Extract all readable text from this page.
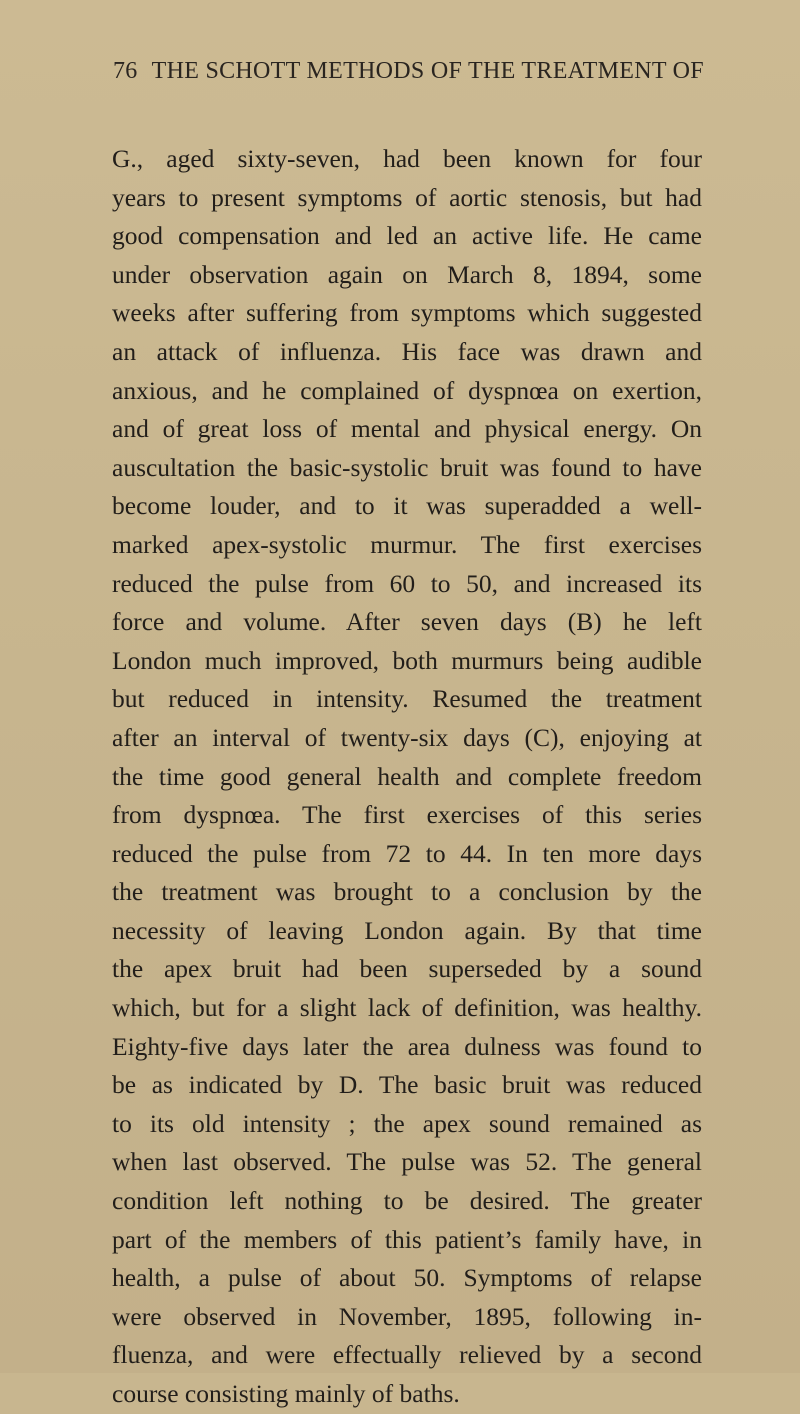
76 THE SCHOTT METHODS OF THE TREATMENT OF
G., aged sixty-seven, had been known for four
years to present symptoms of aortic stenosis, but had
good compensation and led an active life. He came
under observation again on March 8, 1894, some
weeks after suffering from symptoms which suggested
an attack of influenza. His face was drawn and
anxious, and he complained of dyspnœa on exertion,
and of great loss of mental and physical energy. On
auscultation the basic-systolic bruit was found to have
become louder, and to it was superadded a well-
marked apex-systolic murmur. The first exercises
reduced the pulse from 60 to 50, and increased its
force and volume. After seven days (B) he left
London much improved, both murmurs being audible
but reduced in intensity. Resumed the treatment
after an interval of twenty-six days (C), enjoying at
the time good general health and complete freedom
from dyspnœa. The first exercises of this series
reduced the pulse from 72 to 44. In ten more days
the treatment was brought to a conclusion by the
necessity of leaving London again. By that time
the apex bruit had been superseded by a sound
which, but for a slight lack of definition, was healthy.
Eighty-five days later the area dulness was found to
be as indicated by D. The basic bruit was reduced
to its old intensity ; the apex sound remained as
when last observed. The pulse was 52. The general
condition left nothing to be desired. The greater
part of the members of this patient’s family have, in
health, a pulse of about 50. Symptoms of relapse
were observed in November, 1895, following in-
fluenza, and were effectually relieved by a second
course consisting mainly of baths.
